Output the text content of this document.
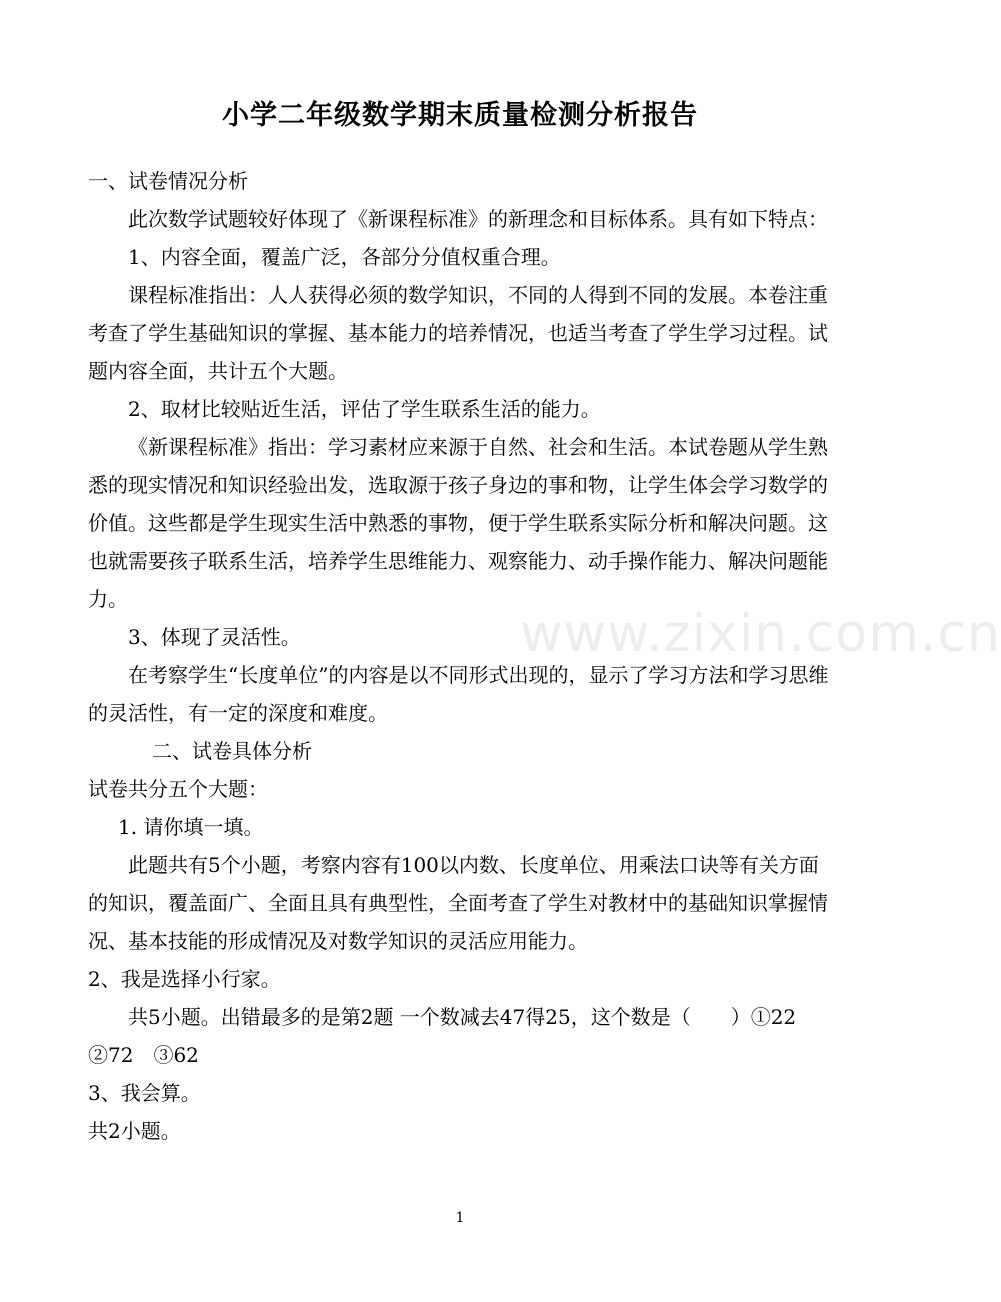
小学二年级数学期末质量检测分析报告

一、试卷情况分析

此次数学试题较好体现了《新课程标准》的新理念和目标体系。具有如下特点：

1、内容全面，覆盖广泛，各部分分值权重合理。

课程标准指出：人人获得必须的数学知识，不同的人得到不同的发展。本卷注重考查了学生基础知识的掌握、基本能力的培养情况，也适当考查了学生学习过程。试题内容全面，共计五个大题。

2、取材比较贴近生活，评估了学生联系生活的能力。

《新课程标准》指出：学习素材应来源于自然、社会和生活。本试卷题从学生熟悉的现实情况和知识经验出发，选取源于孩子身边的事和物，让学生体会学习数学的价值。这些都是学生现实生活中熟悉的事物，便于学生联系实际分析和解决问题。这也就需要孩子联系生活，培养学生思维能力、观察能力、动手操作能力、解决问题能力。

3、体现了灵活性。

在考察学生“长度单位”的内容是以不同形式出现的，显示了学习方法和学习思维的灵活性，有一定的深度和难度。

二、试卷具体分析

试卷共分五个大题：

1. 请你填一填。

此题共有5个小题，考察内容有100以内数、长度单位、用乘法口诀等有关方面的知识，覆盖面广、全面且具有典型性，全面考查了学生对教材中的基础知识掌握情况、基本技能的形成情况及对数学知识的灵活应用能力。

2、我是选择小行家。

共5小题。出错最多的是第2题 一个数减去47得25，这个数是（　　）①22　②72　③62

3、我会算。

共2小题。

www.zixin.com.cn
1
